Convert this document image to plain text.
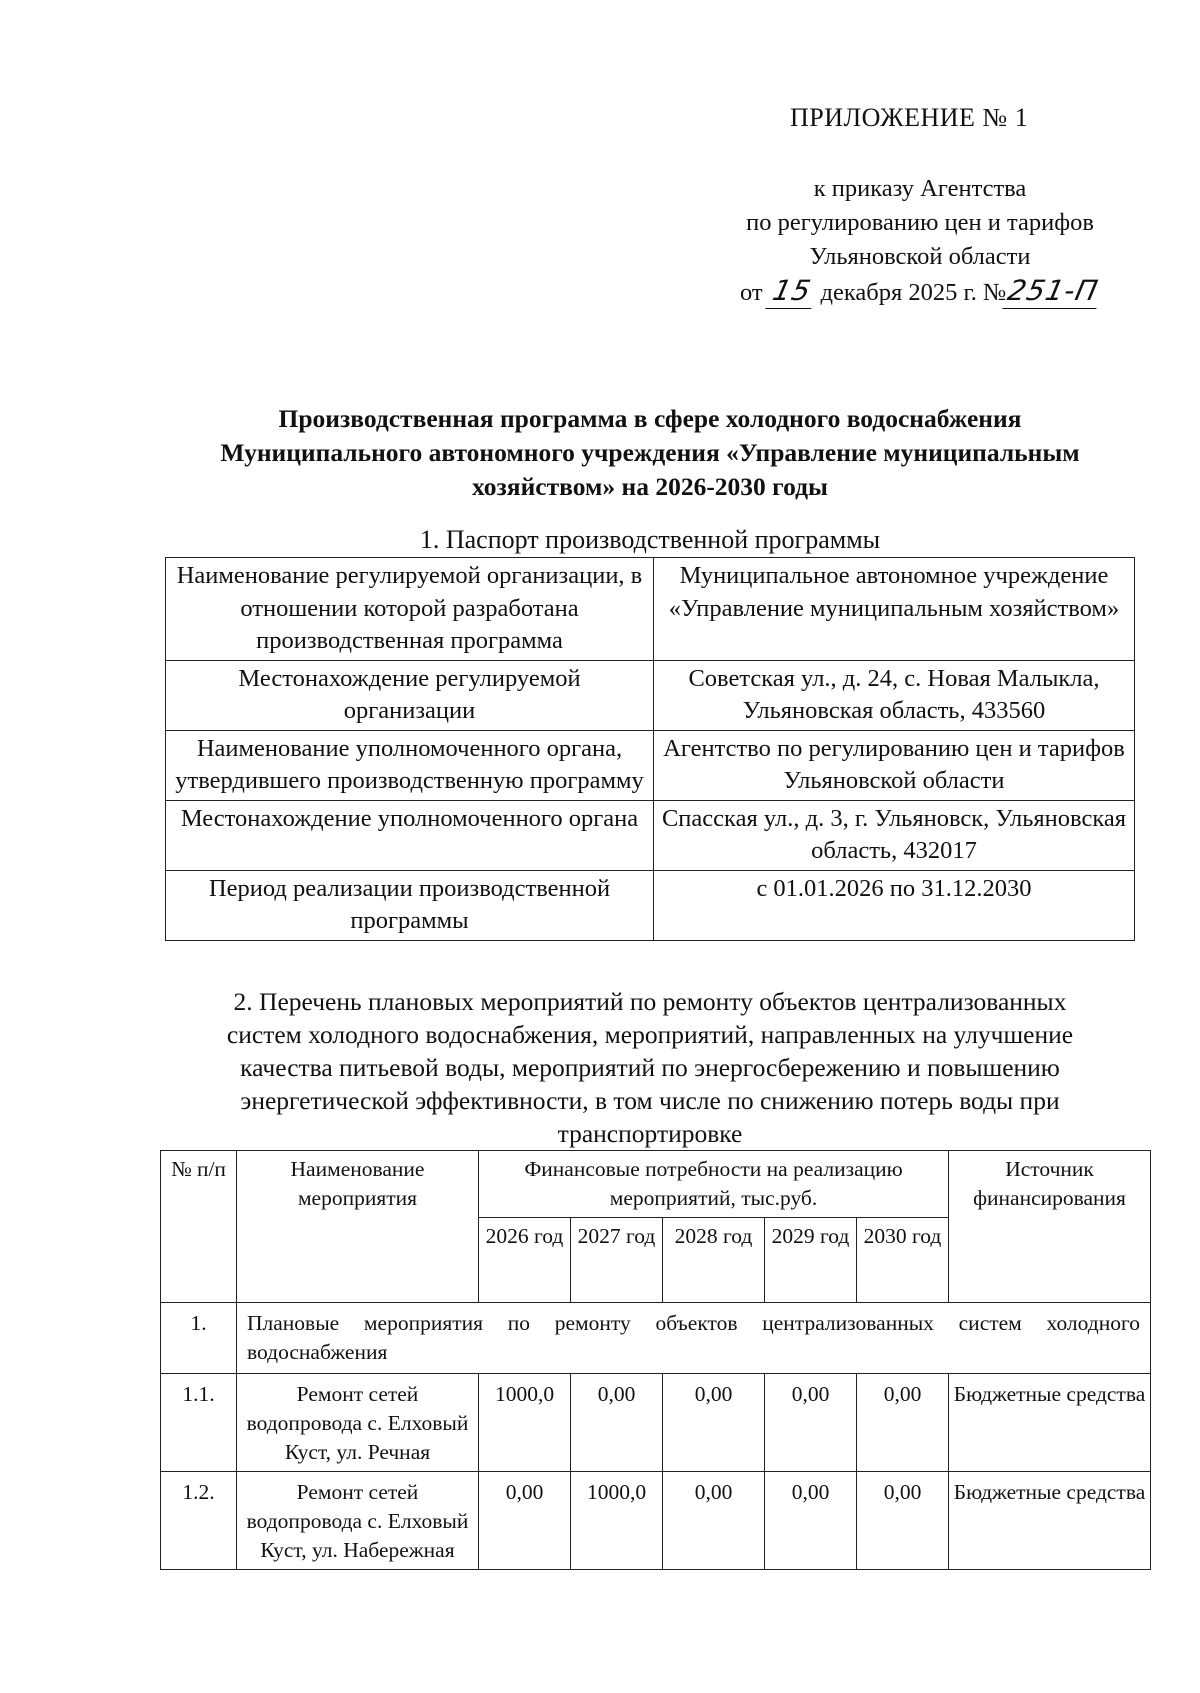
ПРИЛОЖЕНИЕ № 1
к приказу Агентства
по регулированию цен и тарифов
Ульяновской области
от 15 декабря 2025 г. №251-П
Производственная программа в сфере холодного водоснабжения
Муниципального автономного учреждения «Управление муниципальным
хозяйством» на 2026-2030 годы
1. Паспорт производственной программы
Наименование регулируемой организации, в отношении которой разработана производственная программа	Муниципальное автономное учреждение «Управление муниципальным хозяйством»
Местонахождение регулируемой организации	Советская ул., д. 24, с. Новая Малыкла, Ульяновская область, 433560
Наименование уполномоченного органа, утвердившего производственную программу	Агентство по регулированию цен и тарифов Ульяновской области
Местонахождение уполномоченного органа	Спасская ул., д. 3, г. Ульяновск, Ульяновская область, 432017
Период реализации производственной программы	с 01.01.2026 по 31.12.2030
2. Перечень плановых мероприятий по ремонту объектов централизованных
систем холодного водоснабжения, мероприятий, направленных на улучшение
качества питьевой воды, мероприятий по энергосбережению и повышению
энергетической эффективности, в том числе по снижению потерь воды при
транспортировке
№ п/п	Наименование мероприятия	Финансовые потребности на реализацию мероприятий, тыс.руб.					Источник финансирования
		2026 год	2027 год	2028 год	2029 год	2030 год	
1.	Плановые мероприятия по ремонту объектов централизованных систем холодного водоснабжения						
1.1.	Ремонт сетей водопровода с. Елховый Куст, ул. Речная	1000,0	0,00	0,00	0,00	0,00	Бюджетные средства
1.2.	Ремонт сетей водопровода с. Елховый Куст, ул. Набережная	0,00	1000,0	0,00	0,00	0,00	Бюджетные средства
